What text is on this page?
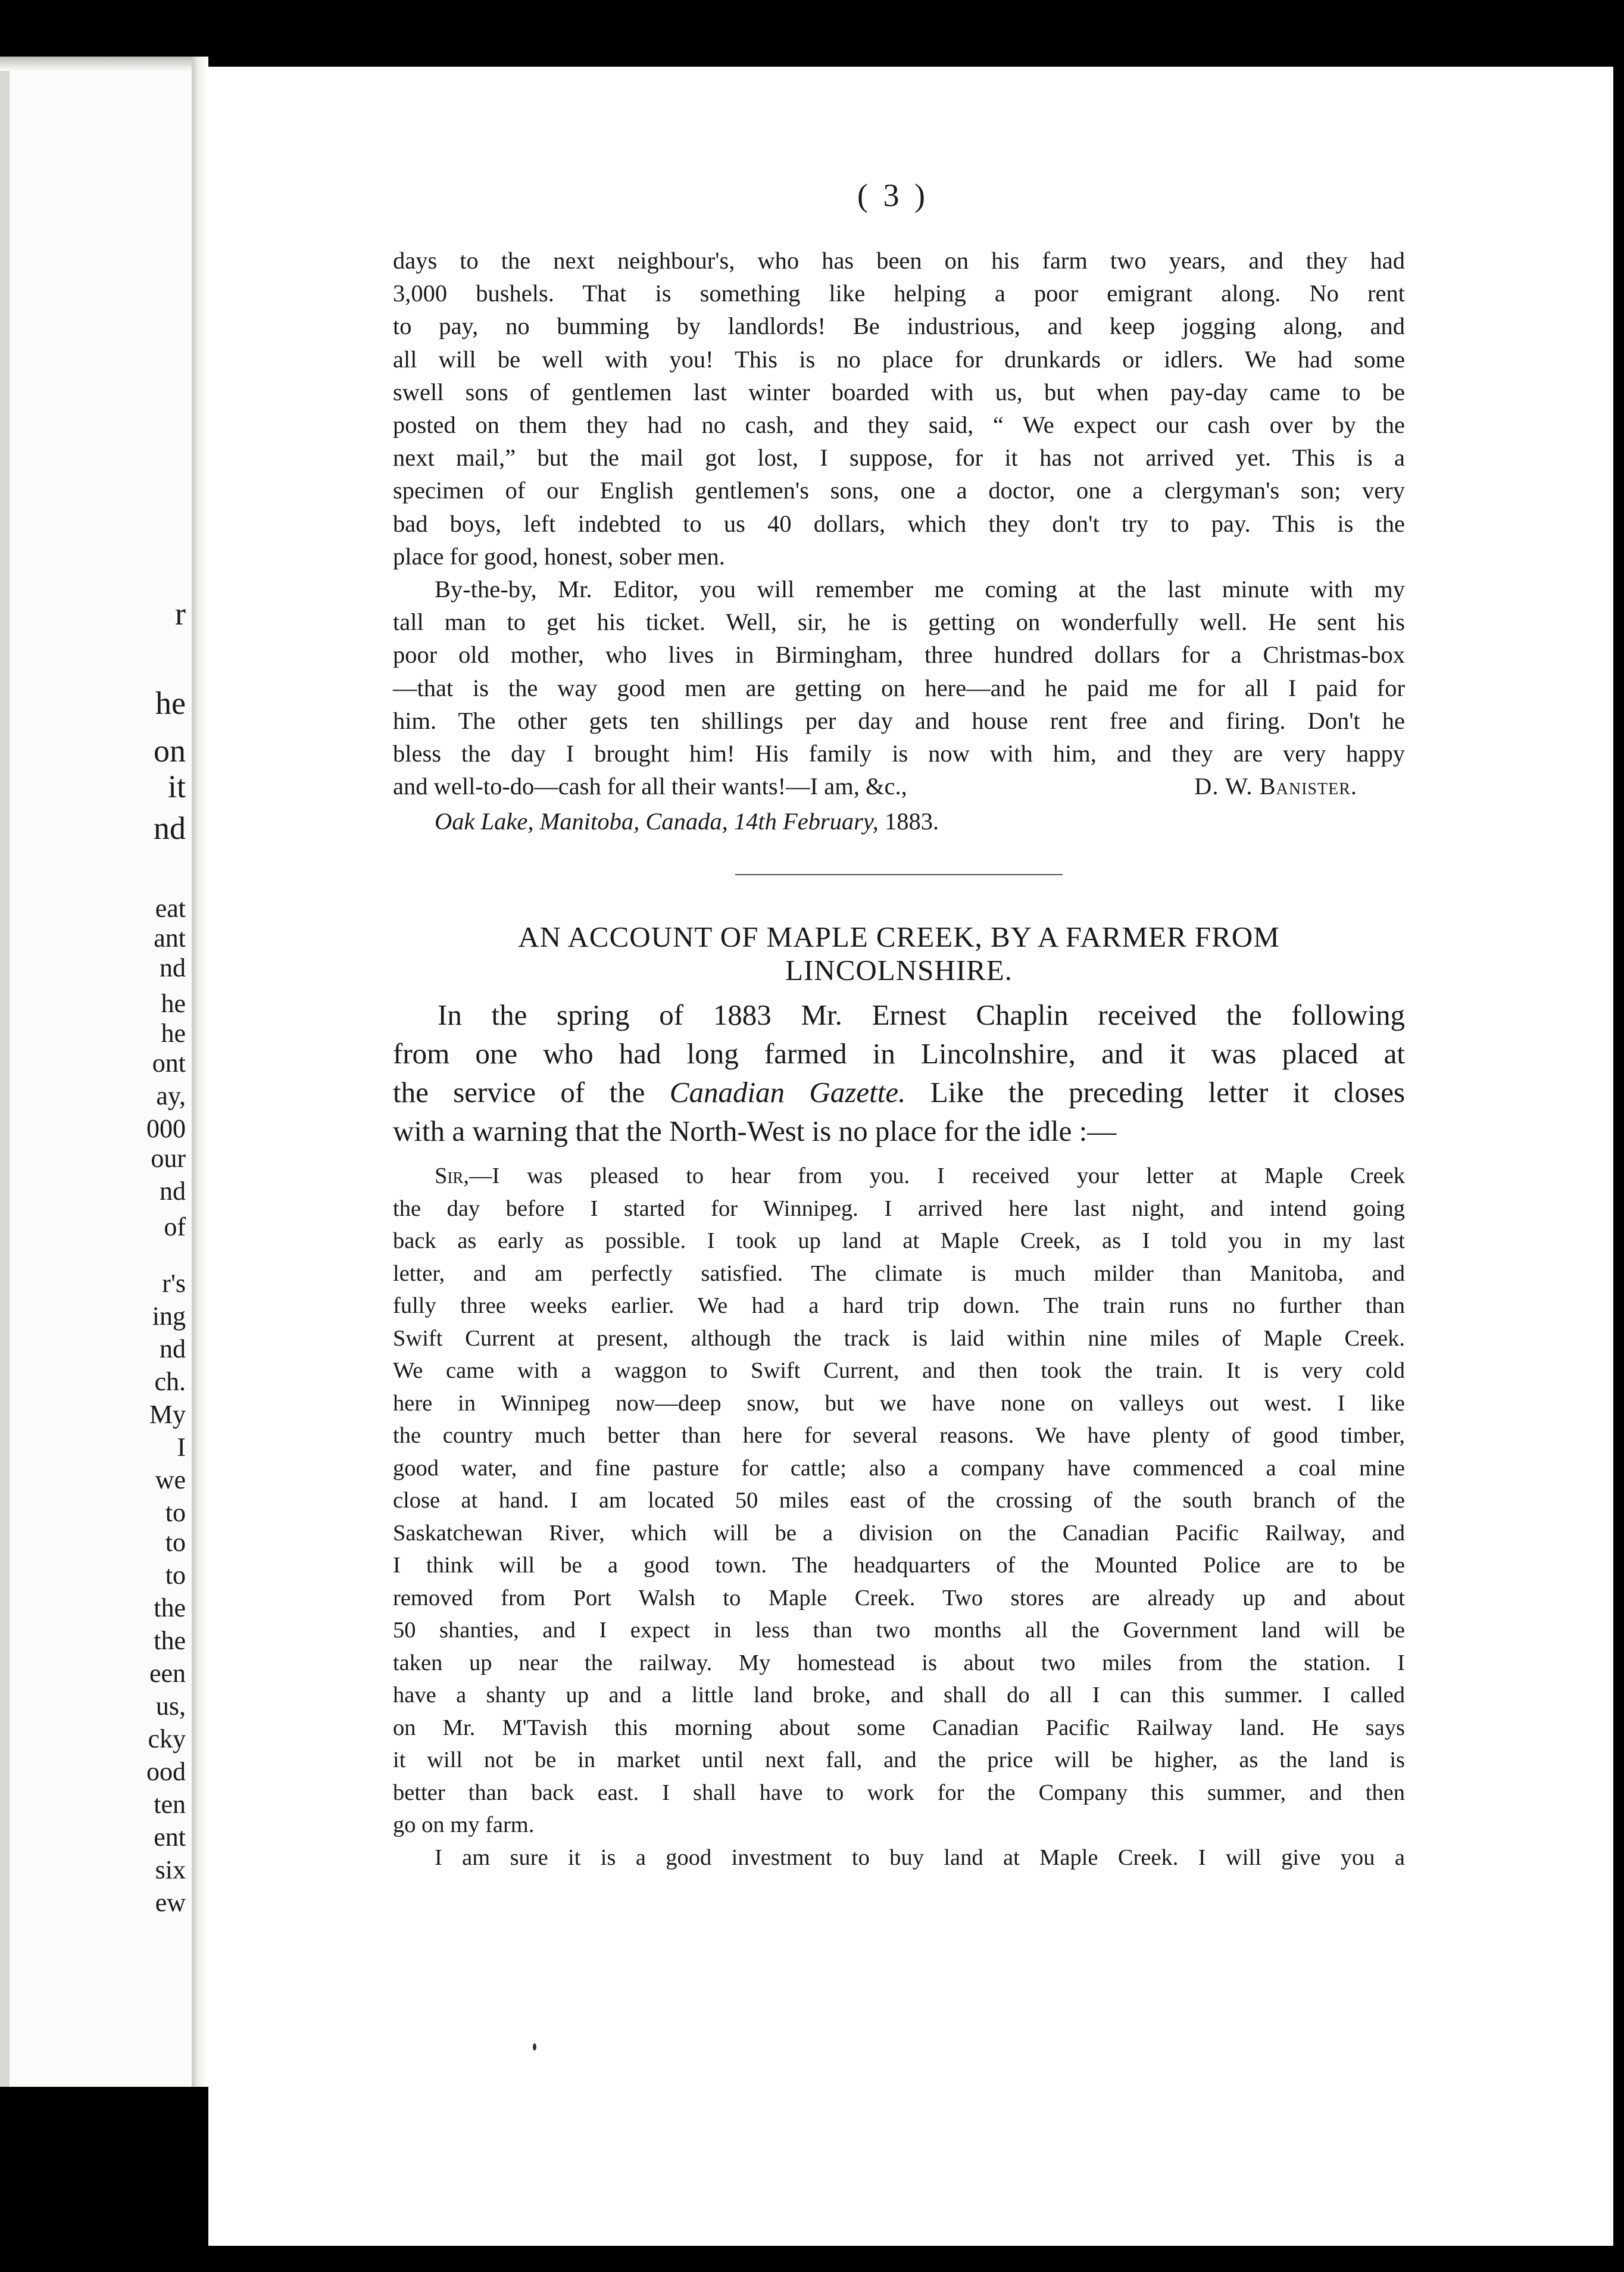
r
he
on
it
nd
eat
ant
nd
he
he
ont
ay,
000
our
nd
of
r's
ing
nd
ch.
My
I
we
to
to
to
the
the
een
us,
cky
ood
ten
ent
six
ew
( 3 )

days to the next neighbour's, who has been on his farm two years, and they had

3,000 bushels. That is something like helping a poor emigrant along. No rent

to pay, no bumming by landlords! Be industrious, and keep jogging along, and

all will be well with you! This is no place for drunkards or idlers. We had some

swell sons of gentlemen last winter boarded with us, but when pay-day came to be

posted on them they had no cash, and they said, “ We expect our cash over by the

next mail,” but the mail got lost, I suppose, for it has not arrived yet. This is a

specimen of our English gentlemen's sons, one a doctor, one a clergyman's son; very

bad boys, left indebted to us 40 dollars, which they don't try to pay. This is the

place for good, honest, sober men.

By-the-by, Mr. Editor, you will remember me coming at the last minute with my

tall man to get his ticket. Well, sir, he is getting on wonderfully well. He sent his

poor old mother, who lives in Birmingham, three hundred dollars for a Christmas-box

—that is the way good men are getting on here—and he paid me for all I paid for

him. The other gets ten shillings per day and house rent free and firing. Don't he

bless the day I brought him! His family is now with him, and they are very happy

and well-to-do—cash for all their wants!—I am, &c.,	D. W. Banister.
Oak Lake, Manitoba, Canada, 14th February, 1883.
AN ACCOUNT OF MAPLE CREEK, BY A FARMER FROM
LINCOLNSHIRE.

In the spring of 1883 Mr. Ernest Chaplin received the following

from one who had long farmed in Lincolnshire, and it was placed at

the service of the Canadian Gazette. Like the preceding letter it closes

with a warning that the North-West is no place for the idle :—

Sir,—I was pleased to hear from you. I received your letter at Maple Creek

the day before I started for Winnipeg. I arrived here last night, and intend going

back as early as possible. I took up land at Maple Creek, as I told you in my last

letter, and am perfectly satisfied. The climate is much milder than Manitoba, and

fully three weeks earlier. We had a hard trip down. The train runs no further than

Swift Current at present, although the track is laid within nine miles of Maple Creek.

We came with a waggon to Swift Current, and then took the train. It is very cold

here in Winnipeg now—deep snow, but we have none on valleys out west. I like

the country much better than here for several reasons. We have plenty of good timber,

good water, and fine pasture for cattle; also a company have commenced a coal mine

close at hand. I am located 50 miles east of the crossing of the south branch of the

Saskatchewan River, which will be a division on the Canadian Pacific Railway, and

I think will be a good town. The headquarters of the Mounted Police are to be

removed from Port Walsh to Maple Creek. Two stores are already up and about

50 shanties, and I expect in less than two months all the Government land will be

taken up near the railway. My homestead is about two miles from the station. I

have a shanty up and a little land broke, and shall do all I can this summer. I called

on Mr. M'Tavish this morning about some Canadian Pacific Railway land. He says

it will not be in market until next fall, and the price will be higher, as the land is

better than back east. I shall have to work for the Company this summer, and then

go on my farm.

I am sure it is a good investment to buy land at Maple Creek. I will give you a
